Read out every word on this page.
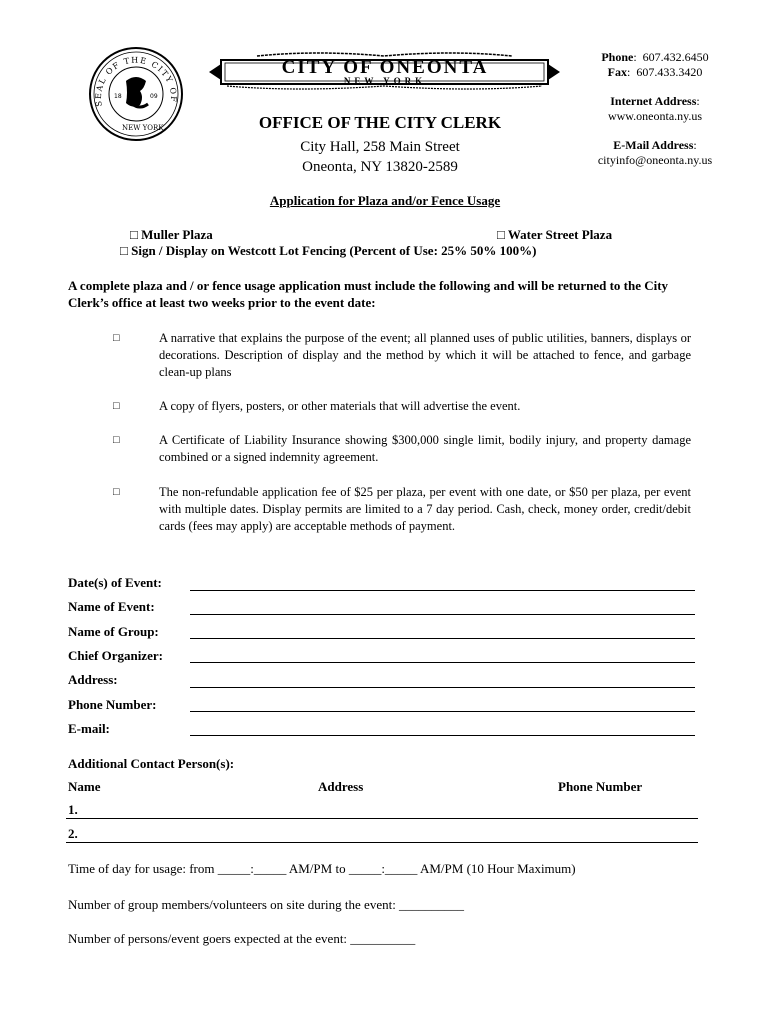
SEAL OF THE CITY OF
NEW YORK
18	09
CITY OF ONEONTA
NEW YORK
Phone:  607.432.6450
Fax:  607.433.3420
Internet Address:
www.oneonta.ny.us
E-Mail Address:
cityinfo@oneonta.ny.us
OFFICE OF THE CITY CLERK
City Hall, 258 Main Street
Oneonta, NY 13820-2589
Application for Plaza and/or Fence Usage
□ Muller Plaza	□ Water Street Plaza
□ Sign / Display on Westcott Lot Fencing (Percent of Use: 25% 50% 100%)
A complete plaza and / or fence usage application must include the following and will be returned to the City Clerk’s office at least two weeks prior to the event date:
□	A narrative that explains the purpose of the event; all planned uses of public utilities, banners, displays or decorations. Description of display and the method by which it will be attached to fence, and garbage clean-up plans
□	A copy of flyers, posters, or other materials that will advertise the event.
□	A Certificate of Liability Insurance showing $300,000 single limit, bodily injury, and property damage combined or a signed indemnity agreement.
□	The non-refundable application fee of $25 per plaza, per event with one date, or $50 per plaza, per event with multiple dates. Display permits are limited to a 7 day period. Cash, check, money order, credit/debit cards (fees may apply) are acceptable methods of payment.
Date(s) of Event:
Name of Event:
Name of Group:
Chief Organizer:
Address:
Phone Number:
E-mail:
Additional Contact Person(s):
Name	Address	Phone Number
1.
2.
Time of day for usage: from _____:_____ AM/PM to _____:_____ AM/PM (10 Hour Maximum)
Number of group members/volunteers on site during the event: __________
Number of persons/event goers expected at the event: __________
